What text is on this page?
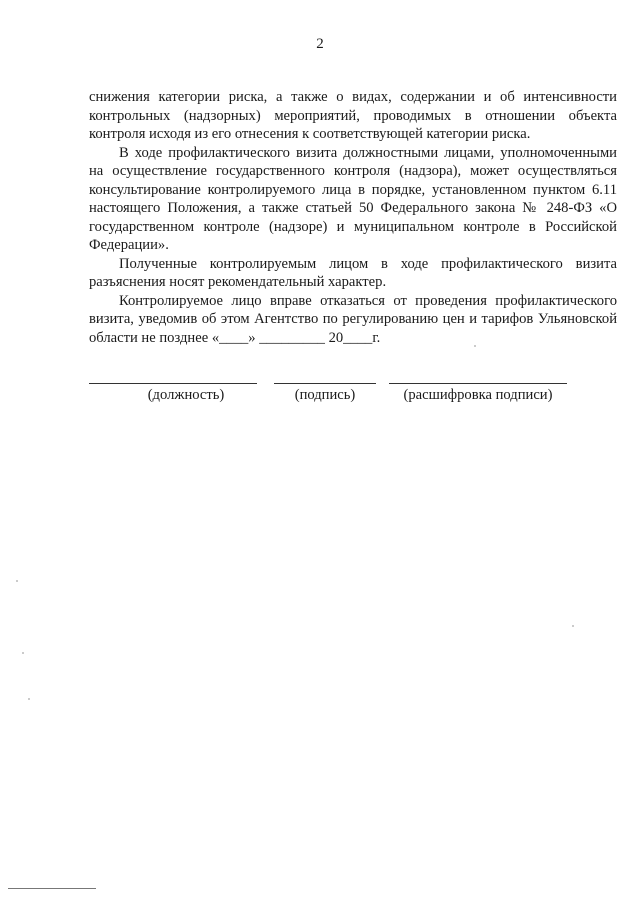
2

снижения категории риска, а также о видах, содержании и об интенсивности контрольных (надзорных) мероприятий, проводимых в отношении объекта контроля исходя из его отнесения к соответствующей категории риска.

В ходе профилактического визита должностными лицами, уполномоченными на осуществление государственного контроля (надзора), может осуществляться консультирование контролируемого лица в порядке, установленном пунктом 6.11 настоящего Положения, а также статьей 50 Федерального закона № 248-ФЗ «О государственном контроле (надзоре) и муниципальном контроле в Российской Федерации».

Полученные контролируемым лицом в ходе профилактического визита разъяснения носят рекомендательный характер.

Контролируемое лицо вправе отказаться от проведения профилактического визита, уведомив об этом Агентство по регулированию цен и тарифов Ульяновской области не позднее «____» _________ 20____г.

(должность)	(подпись)	(расшифровка подписи)
